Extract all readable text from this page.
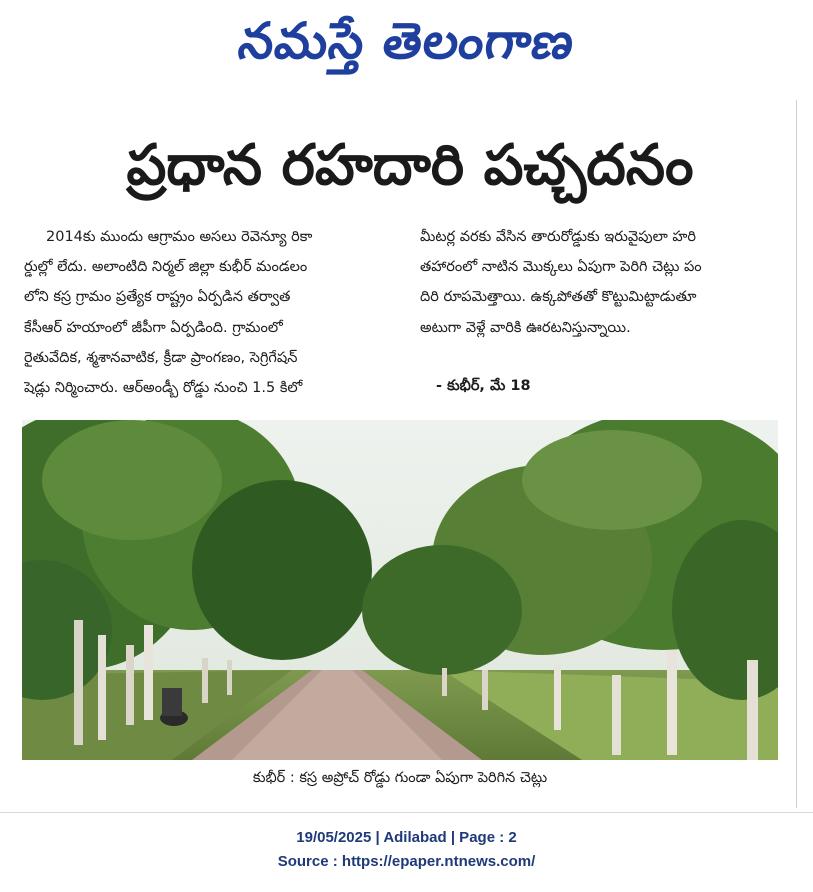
నమస్తే తెలంగాణ
ప్రధాన రహదారి పచ్చదనం
2014కు ముందు ఆగ్రామం అసలు రెవెన్యూ రికా
ర్డుల్లో లేదు. అలాంటిది నిర్మల్ జిల్లా కుభీర్ మండలం
లోని కస్ర గ్రామం ప్రత్యేక రాష్ట్రం ఏర్పడిన తర్వాత
కేసీఆర్ హయాంలో జీపీగా ఏర్పడింది. గ్రామంలో
రైతువేదిక, శ్మశానవాటిక, క్రీడా ప్రాంగణం, సెగ్రిగేషన్
షెడ్లు నిర్మించారు. ఆర్అండ్బీ రోడ్డు నుంచి 1.5 కిలో
మీటర్ల వరకు వేసిన తారురోడ్డుకు ఇరువైపులా హరి
తహారంలో నాటిన మొక్కలు ఏపుగా పెరిగి చెట్లు పం
దిరి రూపమెత్తాయి. ఉక్కపోతతో కొట్టుమిట్టాడుతూ
అటుగా వెళ్లే వారికి ఊరటనిస్తున్నాయి.
- కుభీర్, మే 18
కుభీర్ : కస్ర అప్రోచ్ రోడ్డు గుండా ఏపుగా పెరిగిన చెట్లు
19/05/2025 | Adilabad | Page : 2
Source : https://epaper.ntnews.com/
